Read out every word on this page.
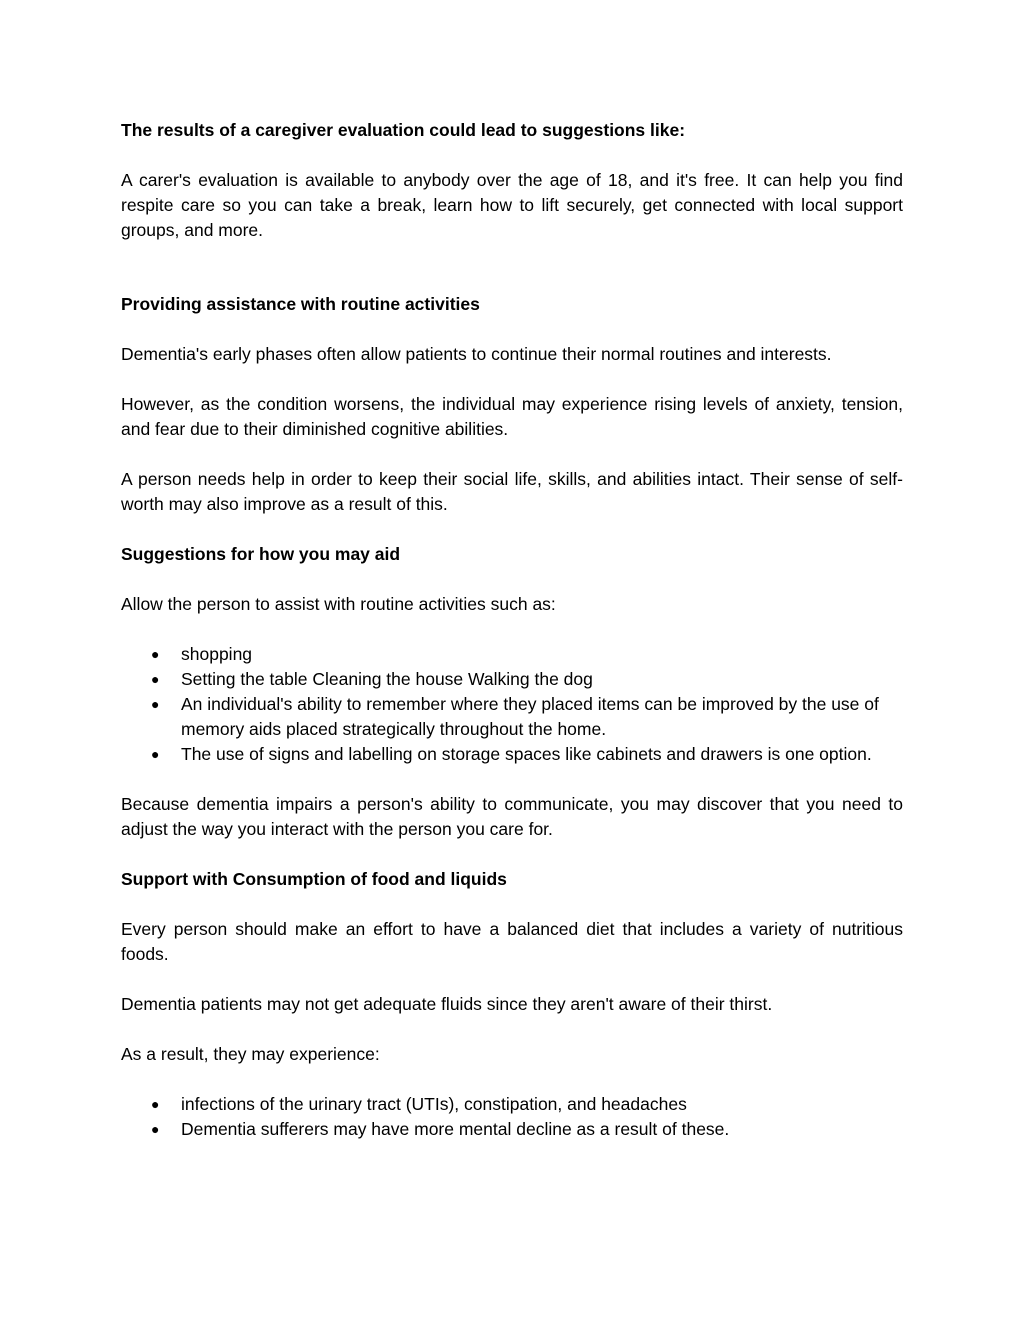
The results of a caregiver evaluation could lead to suggestions like:

A carer's evaluation is available to anybody over the age of 18, and it's free. It can help you find respite care so you can take a break, learn how to lift securely, get connected with local support groups, and more.

Providing assistance with routine activities

Dementia's early phases often allow patients to continue their normal routines and interests.

However, as the condition worsens, the individual may experience rising levels of anxiety, tension, and fear due to their diminished cognitive abilities.

A person needs help in order to keep their social life, skills, and abilities intact. Their sense of self-worth may also improve as a result of this.

Suggestions for how you may aid

Allow the person to assist with routine activities such as:

● shopping
● Setting the table Cleaning the house Walking the dog
● An individual's ability to remember where they placed items can be improved by the use of memory aids placed strategically throughout the home.
● The use of signs and labelling on storage spaces like cabinets and drawers is one option.

Because dementia impairs a person's ability to communicate, you may discover that you need to adjust the way you interact with the person you care for.

Support with Consumption of food and liquids

Every person should make an effort to have a balanced diet that includes a variety of nutritious foods.

Dementia patients may not get adequate fluids since they aren't aware of their thirst.

As a result, they may experience:

● infections of the urinary tract (UTIs), constipation, and headaches
● Dementia sufferers may have more mental decline as a result of these.
